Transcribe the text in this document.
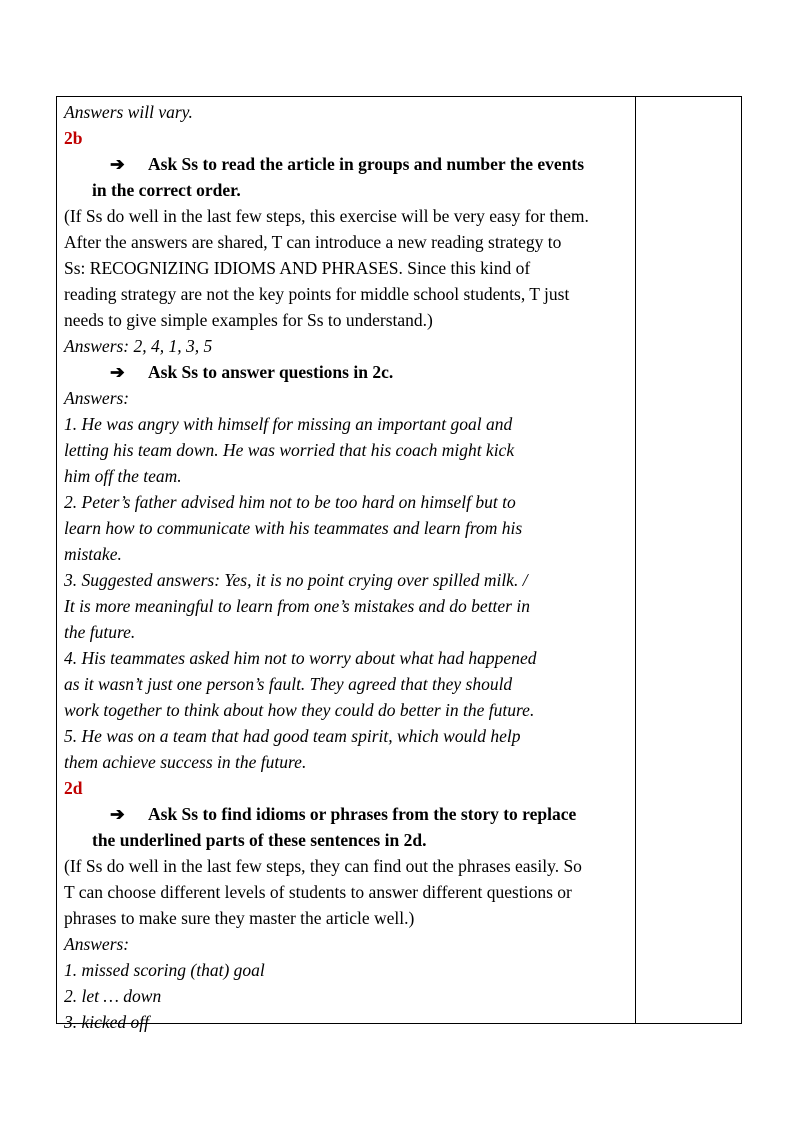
Answers will vary.
2b
➔ Ask Ss to read the article in groups and number the events
in the correct order.
(If Ss do well in the last few steps, this exercise will be very easy for them.
After the answers are shared, T can introduce a new reading strategy to
Ss: RECOGNIZING IDIOMS AND PHRASES. Since this kind of
reading strategy are not the key points for middle school students, T just
needs to give simple examples for Ss to understand.)
Answers: 2, 4, 1, 3, 5
➔ Ask Ss to answer questions in 2c.
Answers:
1. He was angry with himself for missing an important goal and
letting his team down. He was worried that his coach might kick
him off the team.
2. Peter’s father advised him not to be too hard on himself but to
learn how to communicate with his teammates and learn from his
mistake.
3. Suggested answers: Yes, it is no point crying over spilled milk. /
It is more meaningful to learn from one’s mistakes and do better in
the future.
4. His teammates asked him not to worry about what had happened
as it wasn’t just one person’s fault. They agreed that they should
work together to think about how they could do better in the future.
5. He was on a team that had good team spirit, which would help
them achieve success in the future.
2d
➔ Ask Ss to find idioms or phrases from the story to replace
the underlined parts of these sentences in 2d.
(If Ss do well in the last few steps, they can find out the phrases easily. So
T can choose different levels of students to answer different questions or
phrases to make sure they master the article well.)
Answers:
1. missed scoring (that) goal
2. let … down
3. kicked off
